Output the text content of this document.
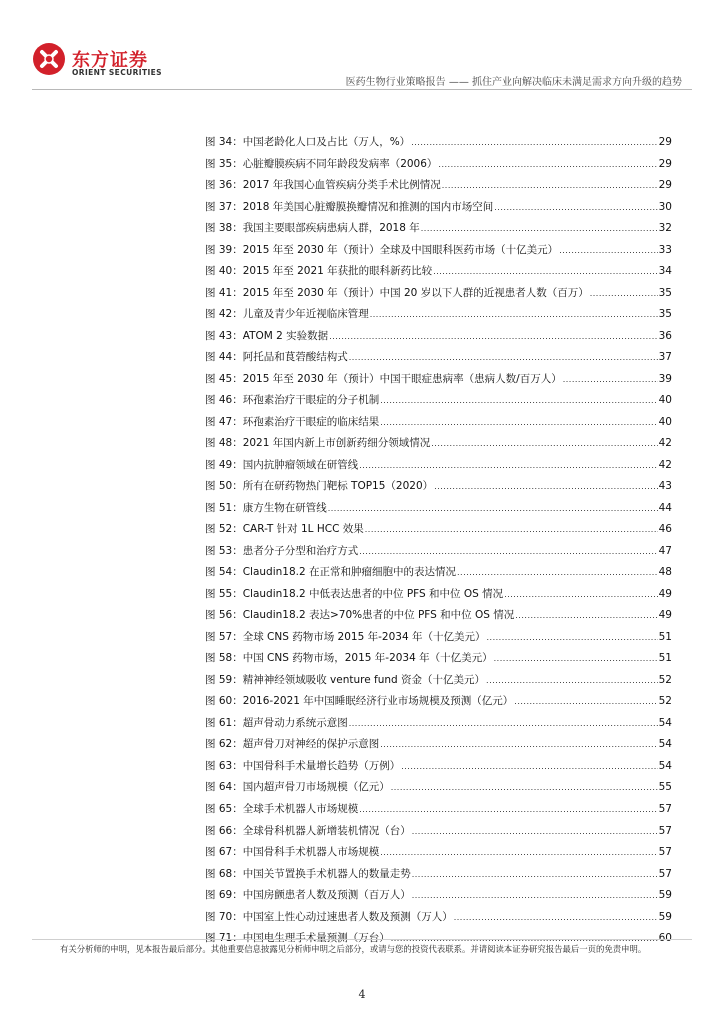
东方证券
ORIENT SECURITIES
医药生物行业策略报告 —— 抓住产业向解决临床未满足需求方向升级的趋势
图 34：中国老龄化人口及占比（万人，%） .....	29
图 35：心脏瓣膜疾病不同年龄段发病率（2006） .....	29
图 36：2017 年我国心血管疾病分类手术比例情况 .....	29
图 37：2018 年美国心脏瓣膜换瓣情况和推测的国内市场空间 .....	30
图 38：我国主要眼部疾病患病人群，2018 年 .....	32
图 39：2015 年至 2030 年（预计）全球及中国眼科医药市场（十亿美元） .....	33
图 40：2015 年至 2021 年获批的眼科新药比较 .....	34
图 41：2015 年至 2030 年（预计）中国 20 岁以下人群的近视患者人数（百万） .....	35
图 42：儿童及青少年近视临床管理 .....	35
图 43：ATOM 2 实验数据 .....	36
图 44：阿托品和茛菪酸结构式 .....	37
图 45：2015 年至 2030 年（预计）中国干眼症患病率（患病人数/百万人） .....	39
图 46：环孢素治疗干眼症的分子机制 .....	40
图 47：环孢素治疗干眼症的临床结果 .....	40
图 48：2021 年国内新上市创新药细分领域情况 .....	42
图 49：国内抗肿瘤领域在研管线 .....	42
图 50：所有在研药物热门靶标 TOP15（2020） .....	43
图 51：康方生物在研管线 .....	44
图 52：CAR-T 针对 1L HCC 效果 .....	46
图 53：患者分子分型和治疗方式 .....	47
图 54：Claudin18.2 在正常和肿瘤细胞中的表达情况 .....	48
图 55：Claudin18.2 中低表达患者的中位 PFS 和中位 OS 情况 .....	49
图 56：Claudin18.2 表达>70%患者的中位 PFS 和中位 OS 情况 .....	49
图 57：全球 CNS 药物市场 2015 年-2034 年（十亿美元） .....	51
图 58：中国 CNS 药物市场，2015 年-2034 年（十亿美元） .....	51
图 59：精神神经领域吸收 venture fund 资金（十亿美元） .....	52
图 60：2016-2021 年中国睡眠经济行业市场规模及预测（亿元） .....	52
图 61：超声骨动力系统示意图 .....	54
图 62：超声骨刀对神经的保护示意图 .....	54
图 63：中国骨科手术量增长趋势（万例） .....	54
图 64：国内超声骨刀市场规模（亿元） .....	55
图 65：全球手术机器人市场规模 .....	57
图 66：全球骨科机器人新增装机情况（台） .....	57
图 67：中国骨科手术机器人市场规模 .....	57
图 68：中国关节置换手术机器人的数量走势 .....	57
图 69：中国房颤患者人数及预测（百万人） .....	59
图 70：中国室上性心动过速患者人数及预测（万人） .....	59
图 71：中国电生理手术量预测（万台） .....	60
有关分析师的申明，见本报告最后部分。其他重要信息披露见分析师申明之后部分，或请与您的投资代表联系。并请阅读本证券研究报告最后一页的免责申明。
4
